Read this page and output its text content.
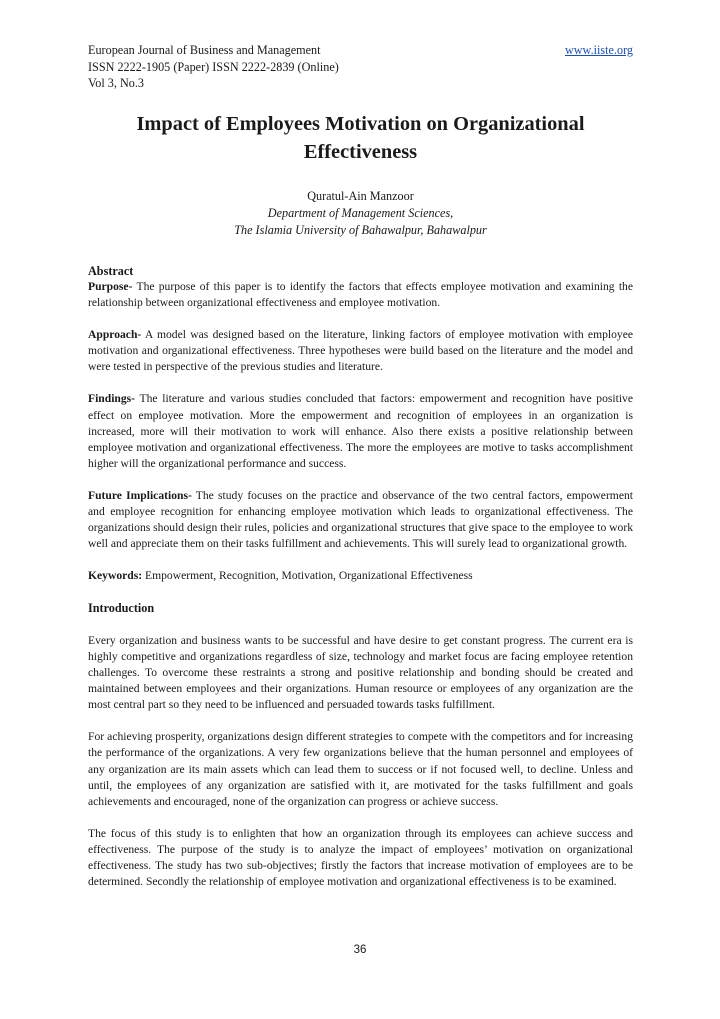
European Journal of Business and Management
ISSN 2222-1905 (Paper) ISSN 2222-2839 (Online)
Vol 3, No.3
www.iiste.org
Impact of Employees Motivation on Organizational Effectiveness
Quratul-Ain Manzoor
Department of Management Sciences,
The Islamia University of Bahawalpur, Bahawalpur
Abstract

Purpose- The purpose of this paper is to identify the factors that effects employee motivation and examining the relationship between organizational effectiveness and employee motivation.

Approach- A model was designed based on the literature, linking factors of employee motivation with employee motivation and organizational effectiveness. Three hypotheses were build based on the literature and the model and were tested in perspective of the previous studies and literature.

Findings- The literature and various studies concluded that factors: empowerment and recognition have positive effect on employee motivation. More the empowerment and recognition of employees in an organization is increased, more will their motivation to work will enhance. Also there exists a positive relationship between employee motivation and organizational effectiveness. The more the employees are motive to tasks accomplishment higher will the organizational performance and success.

Future Implications- The study focuses on the practice and observance of the two central factors, empowerment and employee recognition for enhancing employee motivation which leads to organizational effectiveness. The organizations should design their rules, policies and organizational structures that give space to the employee to work well and appreciate them on their tasks fulfillment and achievements. This will surely lead to organizational growth.

Keywords: Empowerment, Recognition, Motivation, Organizational Effectiveness

Introduction

Every organization and business wants to be successful and have desire to get constant progress. The current era is highly competitive and organizations regardless of size, technology and market focus are facing employee retention challenges. To overcome these restraints a strong and positive relationship and bonding should be created and maintained between employees and their organizations. Human resource or employees of any organization are the most central part so they need to be influenced and persuaded towards tasks fulfillment.

For achieving prosperity, organizations design different strategies to compete with the competitors and for increasing the performance of the organizations. A very few organizations believe that the human personnel and employees of any organization are its main assets which can lead them to success or if not focused well, to decline. Unless and until, the employees of any organization are satisfied with it, are motivated for the tasks fulfillment and goals achievements and encouraged, none of the organization can progress or achieve success.

The focus of this study is to enlighten that how an organization through its employees can achieve success and effectiveness. The purpose of the study is to analyze the impact of employees’ motivation on organizational effectiveness. The study has two sub-objectives; firstly the factors that increase motivation of employees are to be determined. Secondly the relationship of employee motivation and organizational effectiveness is to be examined.

36
